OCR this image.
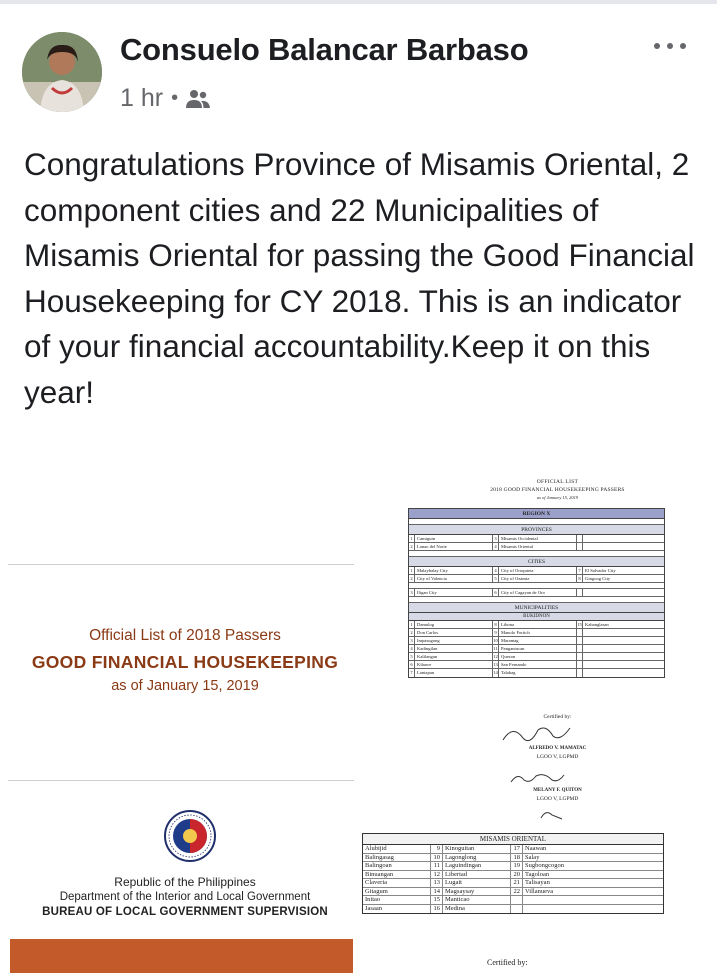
Consuelo Balancar Barbaso
1 hr •
Congratulations Province of Misamis Oriental, 2 component cities and 22 Municipalities of Misamis Oriental for passing the Good Financial Housekeeping for CY 2018. This is an indicator of your financial accountability.Keep it on this year!
Official List of 2018 Passers
GOOD FINANCIAL HOUSEKEEPING
as of January 15, 2019
Republic of the Philippines
Department of the Interior and Local Government
BUREAU OF LOCAL GOVERNMENT SUPERVISION
OFFICIAL LIST
2018 GOOD FINANCIAL HOUSEKEEPING PASSERS
as of January 15, 2019
REGION X
PROVINCES
1 Camiguin	3 Misamis Occidental
2 Lanao del Norte	4 Misamis Oriental
CITIES
1 Malaybalay City	4 City of Oroquieta	7 El Salvador City
2 City of Valencia	5 City of Ozamiz	8 Gingoog City
3 Iligan City	6 City of Cagayan de Oro
MUNICIPALITIES
BUKIDNON
1 Damulog	8 Libona	15 Kabanglasan
2 Don Carlos	9 Manolo Fortich
3 Impasugong	10 Maramag
4 Kadingilan	11 Pangantucan
5 Kalilangan	12 Quezon
6 Kibawe	13 San Fernando
7 Lantapan	14 Talakag
Certified by:
ALFREDO V. MAMATAC
LGOO V, LGPMD
MELANY F. QUITON
LGOO V, LGPMD
MISAMIS ORIENTAL
Alubijid	9 Kinoguitan	17 Naawan
Balingasag	10 Lagonglong	18 Salay
Balingoan	11 Laguindingan	19 Sugbongcogon
Binuangan	12 Libertad	20 Tagoloan
Claveria	13 Lugait	21 Talisayan
Gitagum	14 Magsaysay	22 Villanueva
Initao	15 Manticao
Jasaan	16 Medina
Certified by:
